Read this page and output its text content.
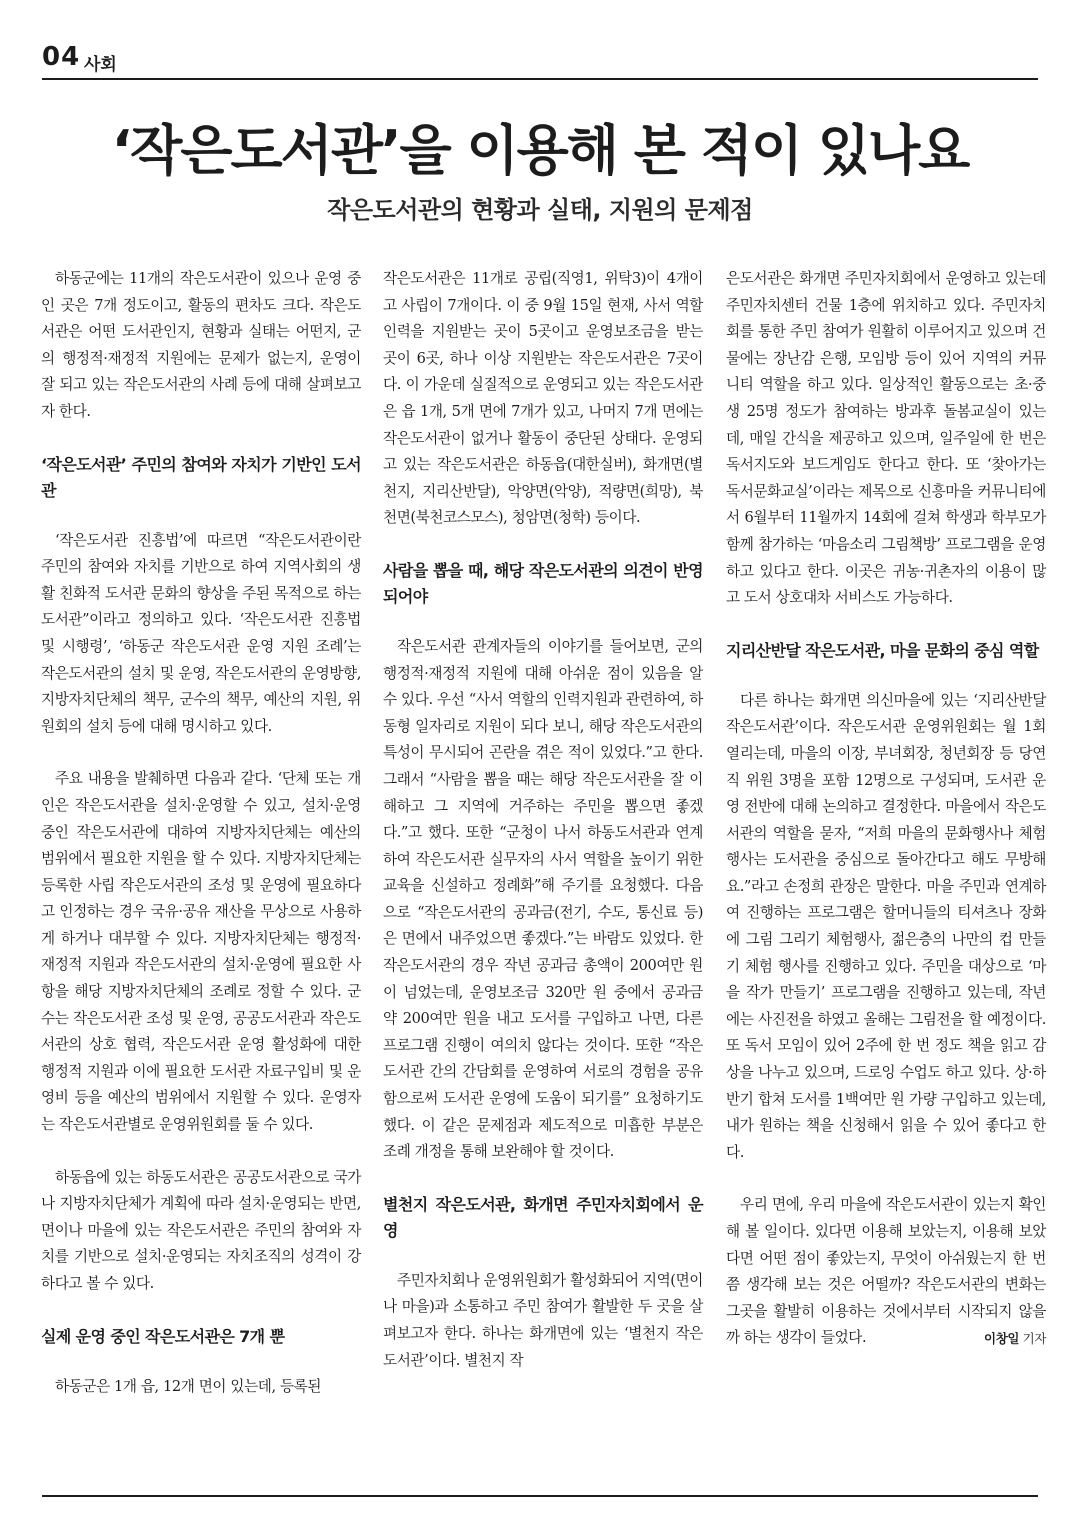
04 사회
‘작은도서관’을 이용해 본 적이 있나요
작은도서관의 현황과 실태, 지원의 문제점

하동군에는 11개의 작은도서관이 있으나 운영 중인 곳은 7개 정도이고, 활동의 편차도 크다. 작은도서관은 어떤 도서관인지, 현황과 실태는 어떤지, 군의 행정적·재정적 지원에는 문제가 없는지, 운영이 잘 되고 있는 작은도서관의 사례 등에 대해 살펴보고자 한다.

‘작은도서관’ 주민의 참여와 자치가 기반인 도서관

‘작은도서관 진흥법’에 따르면 “작은도서관이란 주민의 참여와 자치를 기반으로 하여 지역사회의 생활 친화적 도서관 문화의 향상을 주된 목적으로 하는 도서관”이라고 정의하고 있다. ‘작은도서관 진흥법 및 시행령’, ‘하동군 작은도서관 운영 지원 조례’는 작은도서관의 설치 및 운영, 작은도서관의 운영방향, 지방자치단체의 책무, 군수의 책무, 예산의 지원, 위원회의 설치 등에 대해 명시하고 있다.

주요 내용을 발췌하면 다음과 같다. ‘단체 또는 개인은 작은도서관을 설치·운영할 수 있고, 설치·운영 중인 작은도서관에 대하여 지방자치단체는 예산의 범위에서 필요한 지원을 할 수 있다. 지방자치단체는 등록한 사립 작은도서관의 조성 및 운영에 필요하다고 인정하는 경우 국유·공유 재산을 무상으로 사용하게 하거나 대부할 수 있다. 지방자치단체는 행정적·재정적 지원과 작은도서관의 설치·운영에 필요한 사항을 해당 지방자치단체의 조례로 정할 수 있다. 군수는 작은도서관 조성 및 운영, 공공도서관과 작은도서관의 상호 협력, 작은도서관 운영 활성화에 대한 행정적 지원과 이에 필요한 도서관 자료구입비 및 운영비 등을 예산의 범위에서 지원할 수 있다. 운영자는 작은도서관별로 운영위원회를 둘 수 있다.

하동읍에 있는 하동도서관은 공공도서관으로 국가나 지방자치단체가 계획에 따라 설치·운영되는 반면, 면이나 마을에 있는 작은도서관은 주민의 참여와 자치를 기반으로 설치·운영되는 자치조직의 성격이 강하다고 볼 수 있다.

실제 운영 중인 작은도서관은 7개 뿐

하동군은 1개 읍, 12개 면이 있는데, 등록된

작은도서관은 11개로 공립(직영1, 위탁3)이 4개이고 사립이 7개이다. 이 중 9월 15일 현재, 사서 역할 인력을 지원받는 곳이 5곳이고 운영보조금을 받는 곳이 6곳, 하나 이상 지원받는 작은도서관은 7곳이다. 이 가운데 실질적으로 운영되고 있는 작은도서관은 읍 1개, 5개 면에 7개가 있고, 나머지 7개 면에는 작은도서관이 없거나 활동이 중단된 상태다. 운영되고 있는 작은도서관은 하동읍(대한실버), 화개면(별천지, 지리산반달), 악양면(악양), 적량면(희망), 북천면(북천코스모스), 청암면(청학) 등이다.

사람을 뽑을 때, 해당 작은도서관의 의견이 반영되어야

작은도서관 관계자들의 이야기를 들어보면, 군의 행정적·재정적 지원에 대해 아쉬운 점이 있음을 알 수 있다. 우선 “사서 역할의 인력지원과 관련하여, 하동형 일자리로 지원이 되다 보니, 해당 작은도서관의 특성이 무시되어 곤란을 겪은 적이 있었다.”고 한다. 그래서 “사람을 뽑을 때는 해당 작은도서관을 잘 이해하고 그 지역에 거주하는 주민을 뽑으면 좋겠다.”고 했다. 또한 “군청이 나서 하동도서관과 연계하여 작은도서관 실무자의 사서 역할을 높이기 위한 교육을 신설하고 정례화”해 주기를 요청했다. 다음으로 “작은도서관의 공과금(전기, 수도, 통신료 등)은 면에서 내주었으면 좋겠다.”는 바람도 있었다. 한 작은도서관의 경우 작년 공과금 총액이 200여만 원이 넘었는데, 운영보조금 320만 원 중에서 공과금 약 200여만 원을 내고 도서를 구입하고 나면, 다른 프로그램 진행이 여의치 않다는 것이다. 또한 “작은도서관 간의 간담회를 운영하여 서로의 경험을 공유함으로써 도서관 운영에 도움이 되기를” 요청하기도 했다. 이 같은 문제점과 제도적으로 미흡한 부분은 조례 개정을 통해 보완해야 할 것이다.

별천지 작은도서관, 화개면 주민자치회에서 운영

주민자치회나 운영위원회가 활성화되어 지역(면이나 마을)과 소통하고 주민 참여가 활발한 두 곳을 살펴보고자 한다. 하나는 화개면에 있는 ‘별천지 작은도서관’이다. 별천지 작

은도서관은 화개면 주민자치회에서 운영하고 있는데 주민자치센터 건물 1층에 위치하고 있다. 주민자치회를 통한 주민 참여가 원활히 이루어지고 있으며 건물에는 장난감 은행, 모임방 등이 있어 지역의 커뮤니티 역할을 하고 있다. 일상적인 활동으로는 초·중생 25명 정도가 참여하는 방과후 돌봄교실이 있는데, 매일 간식을 제공하고 있으며, 일주일에 한 번은 독서지도와 보드게임도 한다고 한다. 또 ‘찾아가는 독서문화교실’이라는 제목으로 신흥마을 커뮤니티에서 6월부터 11월까지 14회에 걸쳐 학생과 학부모가 함께 참가하는 ‘마음소리 그림책방’ 프로그램을 운영하고 있다고 한다. 이곳은 귀농·귀촌자의 이용이 많고 도서 상호대차 서비스도 가능하다.

지리산반달 작은도서관, 마을 문화의 중심 역할

다른 하나는 화개면 의신마을에 있는 ‘지리산반달 작은도서관’이다. 작은도서관 운영위원회는 월 1회 열리는데, 마을의 이장, 부녀회장, 청년회장 등 당연직 위원 3명을 포함 12명으로 구성되며, 도서관 운영 전반에 대해 논의하고 결정한다. 마을에서 작은도서관의 역할을 묻자, “저희 마을의 문화행사나 체험행사는 도서관을 중심으로 돌아간다고 해도 무방해요.”라고 손정희 관장은 말한다. 마을 주민과 연계하여 진행하는 프로그램은 할머니들의 티셔츠나 장화에 그림 그리기 체험행사, 젊은층의 나만의 컵 만들기 체험 행사를 진행하고 있다. 주민을 대상으로 ‘마을 작가 만들기’ 프로그램을 진행하고 있는데, 작년에는 사진전을 하였고 올해는 그림전을 할 예정이다. 또 독서 모임이 있어 2주에 한 번 정도 책을 읽고 감상을 나누고 있으며, 드로잉 수업도 하고 있다. 상·하반기 합쳐 도서를 1백여만 원 가량 구입하고 있는데, 내가 원하는 책을 신청해서 읽을 수 있어 좋다고 한다.

우리 면에, 우리 마을에 작은도서관이 있는지 확인해 볼 일이다. 있다면 이용해 보았는지, 이용해 보았다면 어떤 점이 좋았는지, 무엇이 아쉬웠는지 한 번쯤 생각해 보는 것은 어떨까? 작은도서관의 변화는 그곳을 활발히 이용하는 것에서부터 시작되지 않을까 하는 생각이 들었다.	이창일 기자
